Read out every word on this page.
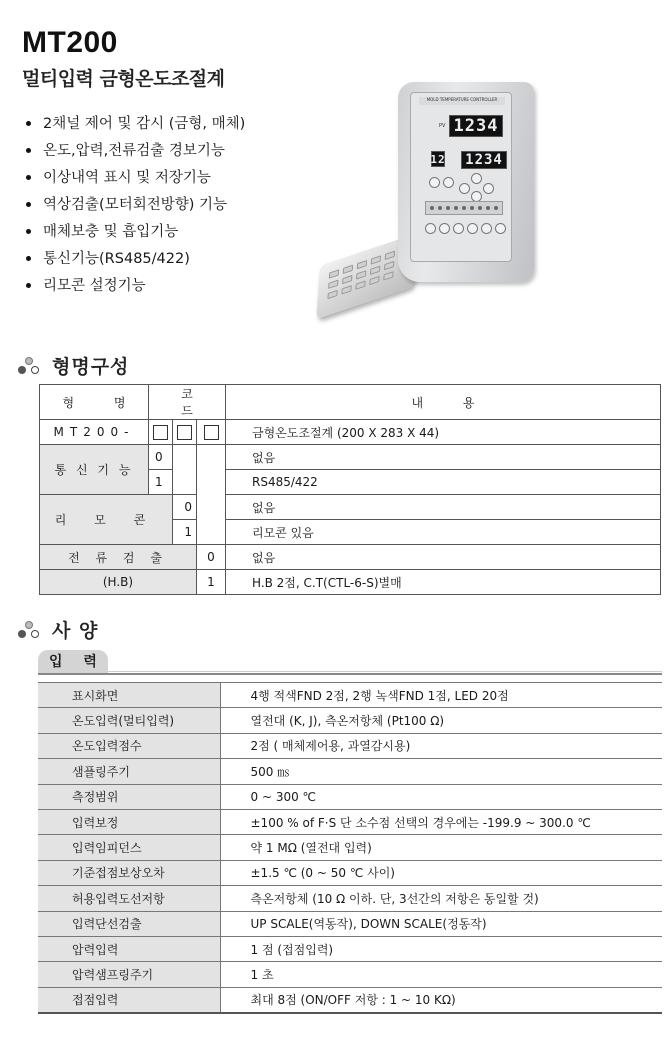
MT200
멀티입력 금형온도조절계
2채널 제어 및 감시 (금형, 매체)
온도,압력,전류검출 경보기능
이상내역 표시 및 저장기능
역상검출(모터회전방향) 기능
매체보충 및 흡입기능
통신기능(RS485/422)
리모콘 설정기능
MOLD TEMPERATURE CONTROLLER
PV 1234
12 1234
형명구성
형 명	코 드			내 용
MT200-				금형온도조절계 (200 X 283 X 44)
통 신 기 능	0			없음
	1			RS485/422
리 모 콘		0		없음
		1		리모콘 있음
전 류 검 출			0	없음
(H.B)			1	H.B 2점, C.T(CTL-6-S)별매
사 양
입 력
표시화면	4행 적색FND 2점, 2행 녹색FND 1점, LED 20점
온도입력(멀티입력)	열전대 (K, J), 측온저항체 (Pt100 Ω)
온도입력점수	2점 ( 매체제어용, 과열감시용)
샘플링주기	500 ㎳
측정범위	0 ~ 300 ℃
입력보정	±100 % of F·S 단 소수점 선택의 경우에는 -199.9 ~ 300.0 ℃
입력임피던스	약 1 MΩ (열전대 입력)
기준접점보상오차	±1.5 ℃ (0 ~ 50 ℃ 사이)
허용입력도선저항	측온저항체 (10 Ω 이하. 단, 3선간의 저항은 동일할 것)
입력단선검출	UP SCALE(역동작), DOWN SCALE(정동작)
압력입력	1 점 (접점입력)
압력샘프링주기	1 초
접점입력	최대 8점 (ON/OFF 저항 : 1 ~ 10 KΩ)
